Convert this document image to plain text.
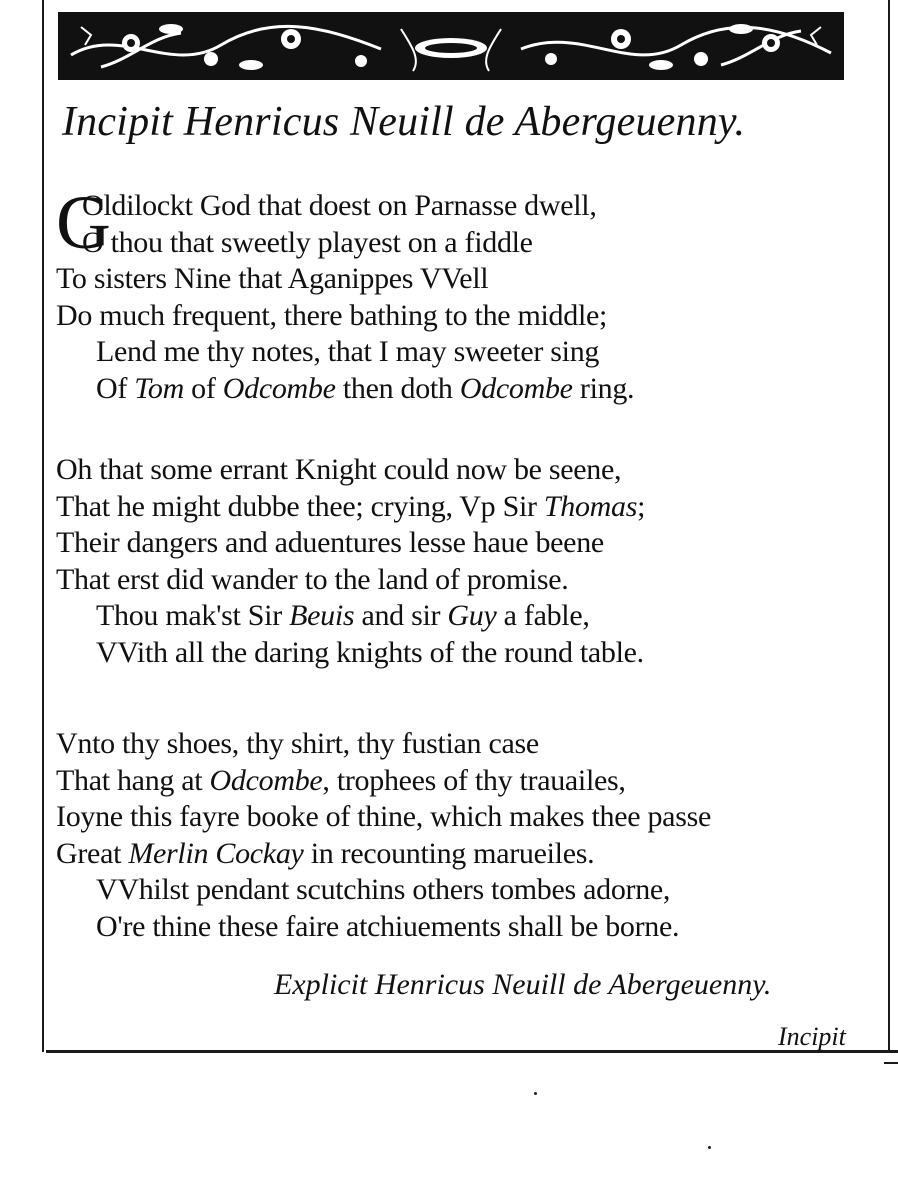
Incipit Henricus Neuill de Abergeuenny.
G
Oldilockt God that doest on Parnasse dwell,
O thou that sweetly playest on a fiddle
To sisters Nine that Aganippes VVell
Do much frequent, there bathing to the middle;
Lend me thy notes, that I may sweeter sing
Of Tom of Odcombe then doth Odcombe ring.
Oh that some errant Knight could now be seene,
That he might dubbe thee; crying, Vp Sir Thomas;
Their dangers and aduentures lesse haue beene
That erst did wander to the land of promise.
Thou mak'st Sir Beuis and sir Guy a fable,
VVith all the daring knights of the round table.
Vnto thy shoes, thy shirt, thy fustian case
That hang at Odcombe, trophees of thy trauailes,
Ioyne this fayre booke of thine, which makes thee passe
Great Merlin Cockay in recounting marueiles.
VVhilst pendant scutchins others tombes adorne,
O're thine these faire atchiuements shall be borne.
Explicit Henricus Neuill de Abergeuenny.
Incipit
